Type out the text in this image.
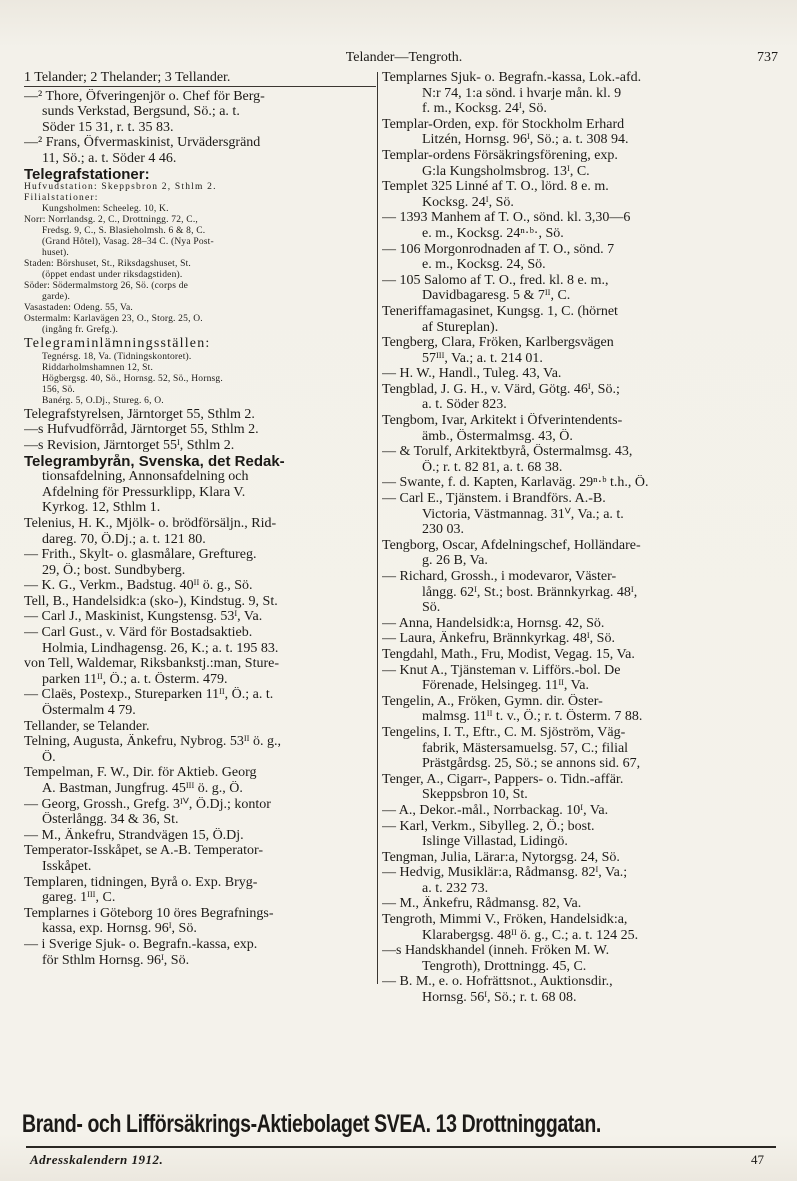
Telander—Tengroth.	737
1 Telander; 2 Thelander; 3 Tellander.
—² Thore, Öfveringenjör o. Chef för Berg-
sunds Verkstad, Bergsund, Sö.; a. t.
Söder 15 31, r. t. 35 83.
—² Frans, Öfvermaskinist, Urvädersgränd
11, Sö.; a. t. Söder 4 46.
Telegrafstationer:
Hufvudstation: Skeppsbron 2, Sthlm 2.
Filialstationer:
Kungsholmen: Scheeleg. 10, K.
Norr: Norrlandsg. 2, C., Drottningg. 72, C.,
Fredsg. 9, C., S. Blasieholmsh. 6 & 8, C.
(Grand Hôtel), Vasag. 28–34 C. (Nya Post-
huset).
Staden: Börshuset, St., Riksdagshuset, St.
(öppet endast under riksdagstiden).
Söder: Södermalmstorg 26, Sö. (corps de
garde).
Vasastaden: Odeng. 55, Va.
Östermalm: Karlavägen 23, Ö., Storg. 25, Ö.
(ingång fr. Grefg.).
Telegraminlämningsställen:
Tegnérsg. 18, Va. (Tidningskontoret).
Riddarholmshamnen 12, St.
Högbergsg. 40, Sö., Hornsg. 52, Sö., Hornsg.
156, Sö.
Banérg. 5, Ö.Dj., Stureg. 6, Ö.
Telegrafstyrelsen, Järntorget 55, Sthlm 2.
—s Hufvudförråd, Järntorget 55, Sthlm 2.
—s Revision, Järntorget 55ᴵ, Sthlm 2.
Telegrambyrån, Svenska, det Redak-
tionsafdelning, Annonsafdelning och
Afdelning för Pressurklipp, Klara V.
Kyrkog. 12, Sthlm 1.
Telenius, H. K., Mjölk- o. brödförsäljn., Rid-
dareg. 70, Ö.Dj.; a. t. 121 80.
— Frith., Skylt- o. glasmålare, Greftureg.
29, Ö.; bost. Sundbyberg.
— K. G., Verkm., Badstug. 40ᴵᴵ ö. g., Sö.
Tell, B., Handelsidk:a (sko-), Kindstug. 9, St.
— Carl J., Maskinist, Kungstensg. 53ᴵ, Va.
— Carl Gust., v. Värd för Bostadsaktieb.
Holmia, Lindhagensg. 26, K.; a. t. 195 83.
von Tell, Waldemar, Riksbankstj.:man, Sture-
parken 11ᴵᴵ, Ö.; a. t. Österm. 479.
— Claës, Postexp., Stureparken 11ᴵᴵ, Ö.; a. t.
Östermalm 4 79.
Tellander, se Telander.
Telning, Augusta, Änkefru, Nybrog. 53ᴵᴵ ö. g.,
Ö.
Tempelman, F. W., Dir. för Aktieb. Georg
A. Bastman, Jungfrug. 45ᴵᴵᴵ ö. g., Ö.
— Georg, Grossh., Grefg. 3ᴵⱽ, Ö.Dj.; kontor
Österlångg. 34 & 36, St.
— M., Änkefru, Strandvägen 15, Ö.Dj.
Temperator-Isskåpet, se A.-B. Temperator-
Isskåpet.
Templaren, tidningen, Byrå o. Exp. Bryg-
gareg. 1ᴵᴵᴵ, C.
Templarnes i Göteborg 10 öres Begrafnings-
kassa, exp. Hornsg. 96ᴵ, Sö.
— i Sverige Sjuk- o. Begrafn.-kassa, exp.
för Sthlm Hornsg. 96ᴵ, Sö.
Templarnes Sjuk- o. Begrafn.-kassa, Lok.-afd.
N:r 74, 1:a sönd. i hvarje mån. kl. 9
f. m., Kocksg. 24ᴵ, Sö.
Templar-Orden, exp. för Stockholm Erhard
Litzén, Hornsg. 96ᴵ, Sö.; a. t. 308 94.
Templar-ordens Försäkringsförening, exp.
G:la Kungsholmsbrog. 13ᴵ, C.
Templet 325 Linné af T. O., lörd. 8 e. m.
Kocksg. 24ᴵ, Sö.
— 1393 Manhem af T. O., sönd. kl. 3,30—6
e. m., Kocksg. 24ⁿ·ᵇ·, Sö.
— 106 Morgonrodnaden af T. O., sönd. 7
e. m., Kocksg. 24, Sö.
— 105 Salomo af T. O., fred. kl. 8 e. m.,
Davidbagaresg. 5 & 7ᴵᴵ, C.
Teneriffamagasinet, Kungsg. 1, C. (hörnet
af Stureplan).
Tengberg, Clara, Fröken, Karlbergsvägen
57ᴵᴵᴵ, Va.; a. t. 214 01.
— H. W., Handl., Tuleg. 43, Va.
Tengblad, J. G. H., v. Värd, Götg. 46ᴵ, Sö.;
a. t. Söder 823.
Tengbom, Ivar, Arkitekt i Öfverintendents-
ämb., Östermalmsg. 43, Ö.
— & Torulf, Arkitektbyrå, Östermalmsg. 43,
Ö.; r. t. 82 81, a. t. 68 38.
— Swante, f. d. Kapten, Karlaväg. 29ⁿ·ᵇ t.h., Ö.
— Carl E., Tjänstem. i Brandförs. A.-B.
Victoria, Västmannag. 31ⱽ, Va.; a. t.
230 03.
Tengborg, Oscar, Afdelningschef, Holländare-
g. 26 B, Va.
— Richard, Grossh., i modevaror, Väster-
långg. 62ᴵ, St.; bost. Brännkyrkag. 48ᴵ,
Sö.
— Anna, Handelsidk:a, Hornsg. 42, Sö.
— Laura, Änkefru, Brännkyrkag. 48ᴵ, Sö.
Tengdahl, Math., Fru, Modist, Vegag. 15, Va.
— Knut A., Tjänsteman v. Lifförs.-bol. De
Förenade, Helsingeg. 11ᴵᴵ, Va.
Tengelin, A., Fröken, Gymn. dir. Öster-
malmsg. 11ᴵᴵ t. v., Ö.; r. t. Österm. 7 88.
Tengelins, I. T., Eftr., C. M. Sjöström, Väg-
fabrik, Mästersamuelsg. 57, C.; filial
Prästgårdsg. 25, Sö.; se annons sid. 67,
Tenger, A., Cigarr-, Pappers- o. Tidn.-affär.
Skeppsbron 10, St.
— A., Dekor.-mål., Norrbackag. 10ᴵ, Va.
— Karl, Verkm., Sibylleg. 2, Ö.; bost.
Islinge Villastad, Lidingö.
Tengman, Julia, Lärar:a, Nytorgsg. 24, Sö.
— Hedvig, Musiklär:a, Rådmansg. 82ᴵ, Va.;
a. t. 232 73.
— M., Änkefru, Rådmansg. 82, Va.
Tengroth, Mimmi V., Fröken, Handelsidk:a,
Klarabergsg. 48ᴵᴵ ö. g., C.; a. t. 124 25.
—s Handskhandel (inneh. Fröken M. W.
Tengroth), Drottningg. 45, C.
— B. M., e. o. Hofrättsnot., Auktionsdir.,
Hornsg. 56ᴵ, Sö.; r. t. 68 08.
Brand- och Lifförsäkrings-Aktiebolaget SVEA. 13 Drottninggatan.
Adresskalendern 1912.	47
